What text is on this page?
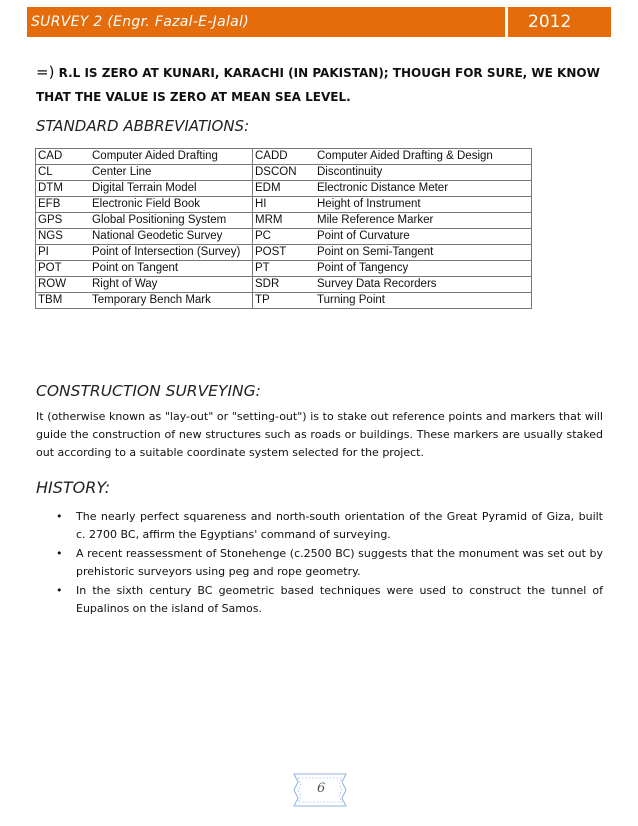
SURVEY 2 (Engr. Fazal-E-Jalal)	2012
=) R.L IS ZERO AT KUNARI, KARACHI (IN PAKISTAN); THOUGH FOR SURE, WE KNOW THAT THE VALUE IS ZERO AT MEAN SEA LEVEL.
STANDARD ABBREVIATIONS:
CAD Computer Aided Drafting	CADD Computer Aided Drafting & Design
CL Center Line	DSCON Discontinuity
DTM Digital Terrain Model	EDM Electronic Distance Meter
EFB Electronic Field Book	HI Height of Instrument
GPS Global Positioning System	MRM Mile Reference Marker
NGS National Geodetic Survey	PC Point of Curvature
PI Point of Intersection (Survey)	POST Point on Semi-Tangent
POT Point on Tangent	PT Point of Tangency
ROW Right of Way	SDR Survey Data Recorders
TBM Temporary Bench Mark	TP Turning Point
CONSTRUCTION SURVEYING:
It (otherwise known as "lay-out" or "setting-out") is to stake out reference points and markers that will guide the construction of new structures such as roads or buildings. These markers are usually staked out according to a suitable coordinate system selected for the project.
HISTORY:
• The nearly perfect squareness and north-south orientation of the Great Pyramid of Giza, built c. 2700 BC, affirm the Egyptians' command of surveying.
• A recent reassessment of Stonehenge (c.2500 BC) suggests that the monument was set out by prehistoric surveyors using peg and rope geometry.
• In the sixth century BC geometric based techniques were used to construct the tunnel of Eupalinos on the island of Samos.
6
